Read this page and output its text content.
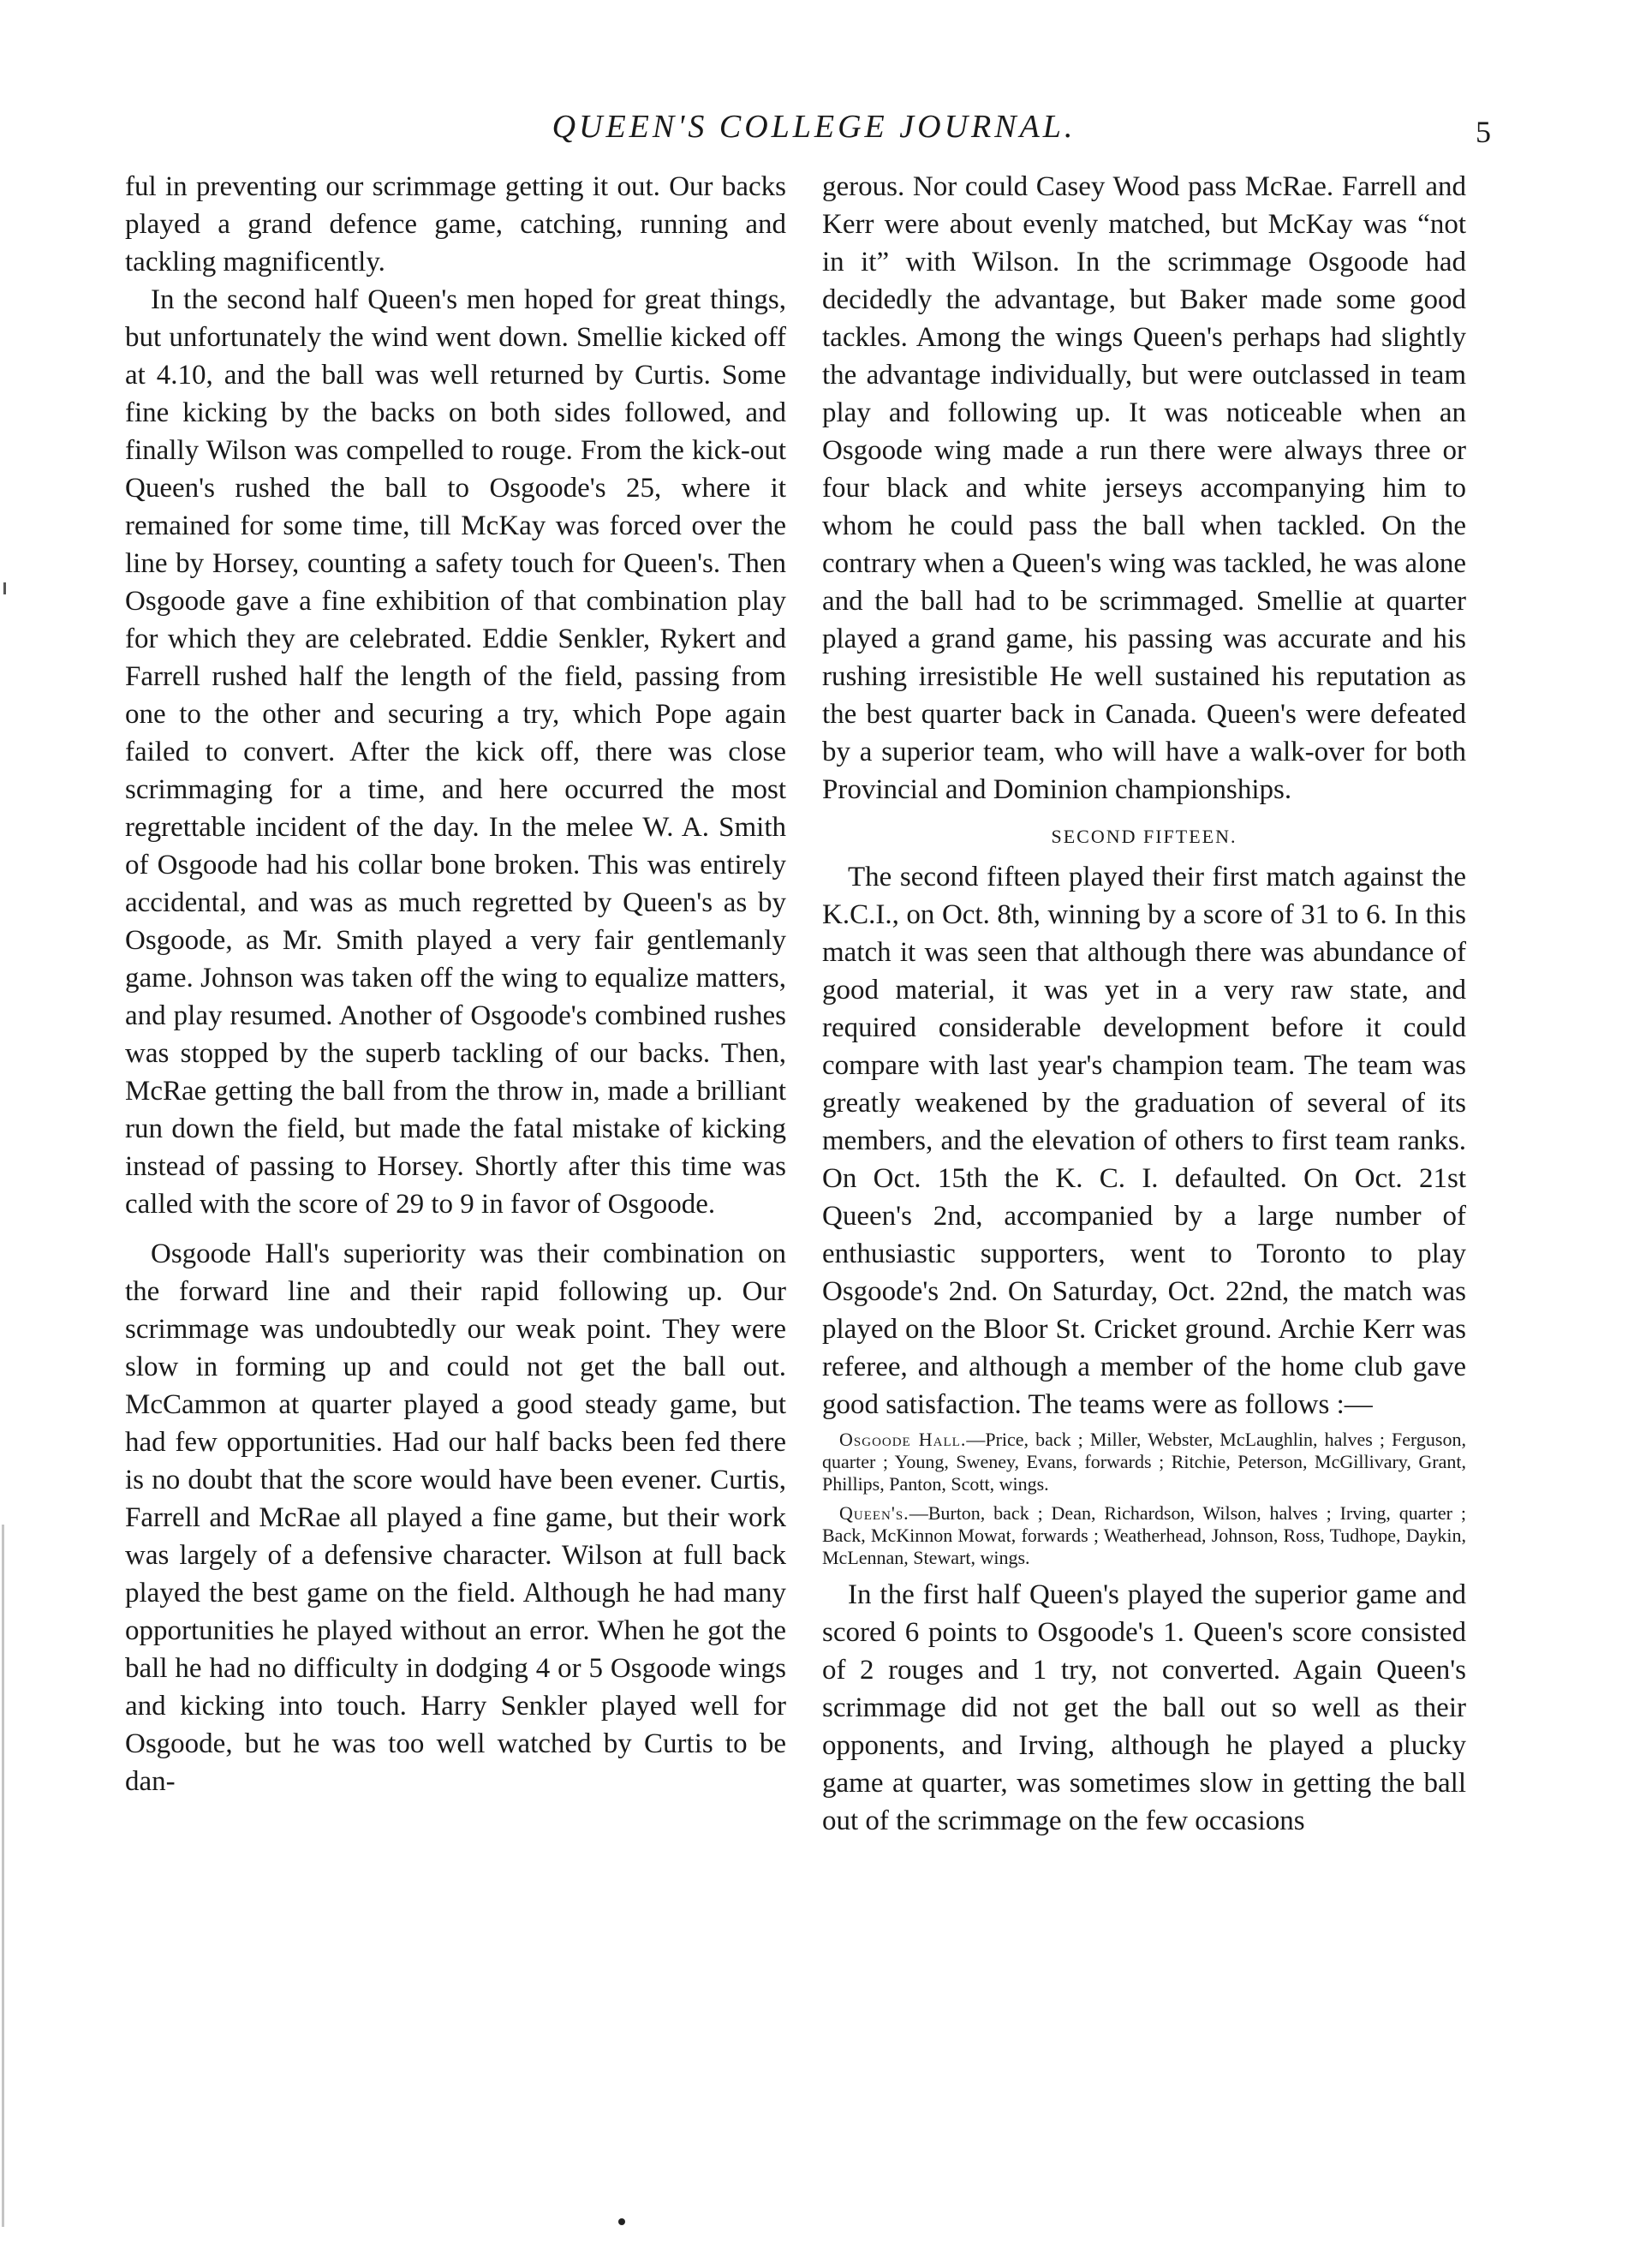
QUEEN'S COLLEGE JOURNAL.	5

ful in preventing our scrimmage getting it out. Our backs played a grand defence game, catching, running and tackling magnificently.

In the second half Queen's men hoped for great things, but unfortunately the wind went down. Smellie kicked off at 4.10, and the ball was well returned by Curtis. Some fine kicking by the backs on both sides followed, and finally Wilson was compelled to rouge. From the kick-out Queen's rushed the ball to Osgoode's 25, where it remained for some time, till McKay was forced over the line by Horsey, counting a safety touch for Queen's. Then Osgoode gave a fine exhibition of that combination play for which they are celebrated. Eddie Senkler, Rykert and Farrell rushed half the length of the field, passing from one to the other and securing a try, which Pope again failed to convert. After the kick off, there was close scrimmaging for a time, and here occurred the most regrettable incident of the day. In the melee W. A. Smith of Osgoode had his collar bone broken. This was entirely accidental, and was as much regretted by Queen's as by Osgoode, as Mr. Smith played a very fair gentlemanly game. Johnson was taken off the wing to equalize matters, and play resumed. Another of Osgoode's combined rushes was stopped by the superb tackling of our backs. Then, McRae getting the ball from the throw in, made a brilliant run down the field, but made the fatal mistake of kicking instead of passing to Horsey. Shortly after this time was called with the score of 29 to 9 in favor of Osgoode.

Osgoode Hall's superiority was their combination on the forward line and their rapid following up. Our scrimmage was undoubtedly our weak point. They were slow in forming up and could not get the ball out. McCammon at quarter played a good steady game, but had few opportunities. Had our half backs been fed there is no doubt that the score would have been evener. Curtis, Farrell and McRae all played a fine game, but their work was largely of a defensive character. Wilson at full back played the best game on the field. Although he had many opportunities he played without an error. When he got the ball he had no difficulty in dodging 4 or 5 Osgoode wings and kicking into touch. Harry Senkler played well for Osgoode, but he was too well watched by Curtis to be dan-

gerous. Nor could Casey Wood pass McRae. Farrell and Kerr were about evenly matched, but McKay was “not in it” with Wilson. In the scrimmage Osgoode had decidedly the advantage, but Baker made some good tackles. Among the wings Queen's perhaps had slightly the advantage individually, but were outclassed in team play and following up. It was noticeable when an Osgoode wing made a run there were always three or four black and white jerseys accompanying him to whom he could pass the ball when tackled. On the contrary when a Queen's wing was tackled, he was alone and the ball had to be scrimmaged. Smellie at quarter played a grand game, his passing was accurate and his rushing irresistible He well sustained his reputation as the best quarter back in Canada. Queen's were defeated by a superior team, who will have a walk-over for both Provincial and Dominion championships.

SECOND FIFTEEN.

The second fifteen played their first match against the K.C.I., on Oct. 8th, winning by a score of 31 to 6. In this match it was seen that although there was abundance of good material, it was yet in a very raw state, and required considerable development before it could compare with last year's champion team. The team was greatly weakened by the graduation of several of its members, and the elevation of others to first team ranks. On Oct. 15th the K. C. I. defaulted. On Oct. 21st Queen's 2nd, accompanied by a large number of enthusiastic supporters, went to Toronto to play Osgoode's 2nd. On Saturday, Oct. 22nd, the match was played on the Bloor St. Cricket ground. Archie Kerr was referee, and although a member of the home club gave good satisfaction. The teams were as follows :—

Osgoode Hall.—Price, back ; Miller, Webster, McLaughlin, halves ; Ferguson, quarter ; Young, Sweney, Evans, forwards ; Ritchie, Peterson, McGillivary, Grant, Phillips, Panton, Scott, wings.

Queen's.—Burton, back ; Dean, Richardson, Wilson, halves ; Irving, quarter ; Back, McKinnon Mowat, forwards ; Weatherhead, Johnson, Ross, Tudhope, Daykin, McLennan, Stewart, wings.

In the first half Queen's played the superior game and scored 6 points to Osgoode's 1. Queen's score consisted of 2 rouges and 1 try, not converted. Again Queen's scrimmage did not get the ball out so well as their opponents, and Irving, although he played a plucky game at quarter, was sometimes slow in getting the ball out of the scrimmage on the few occasions
